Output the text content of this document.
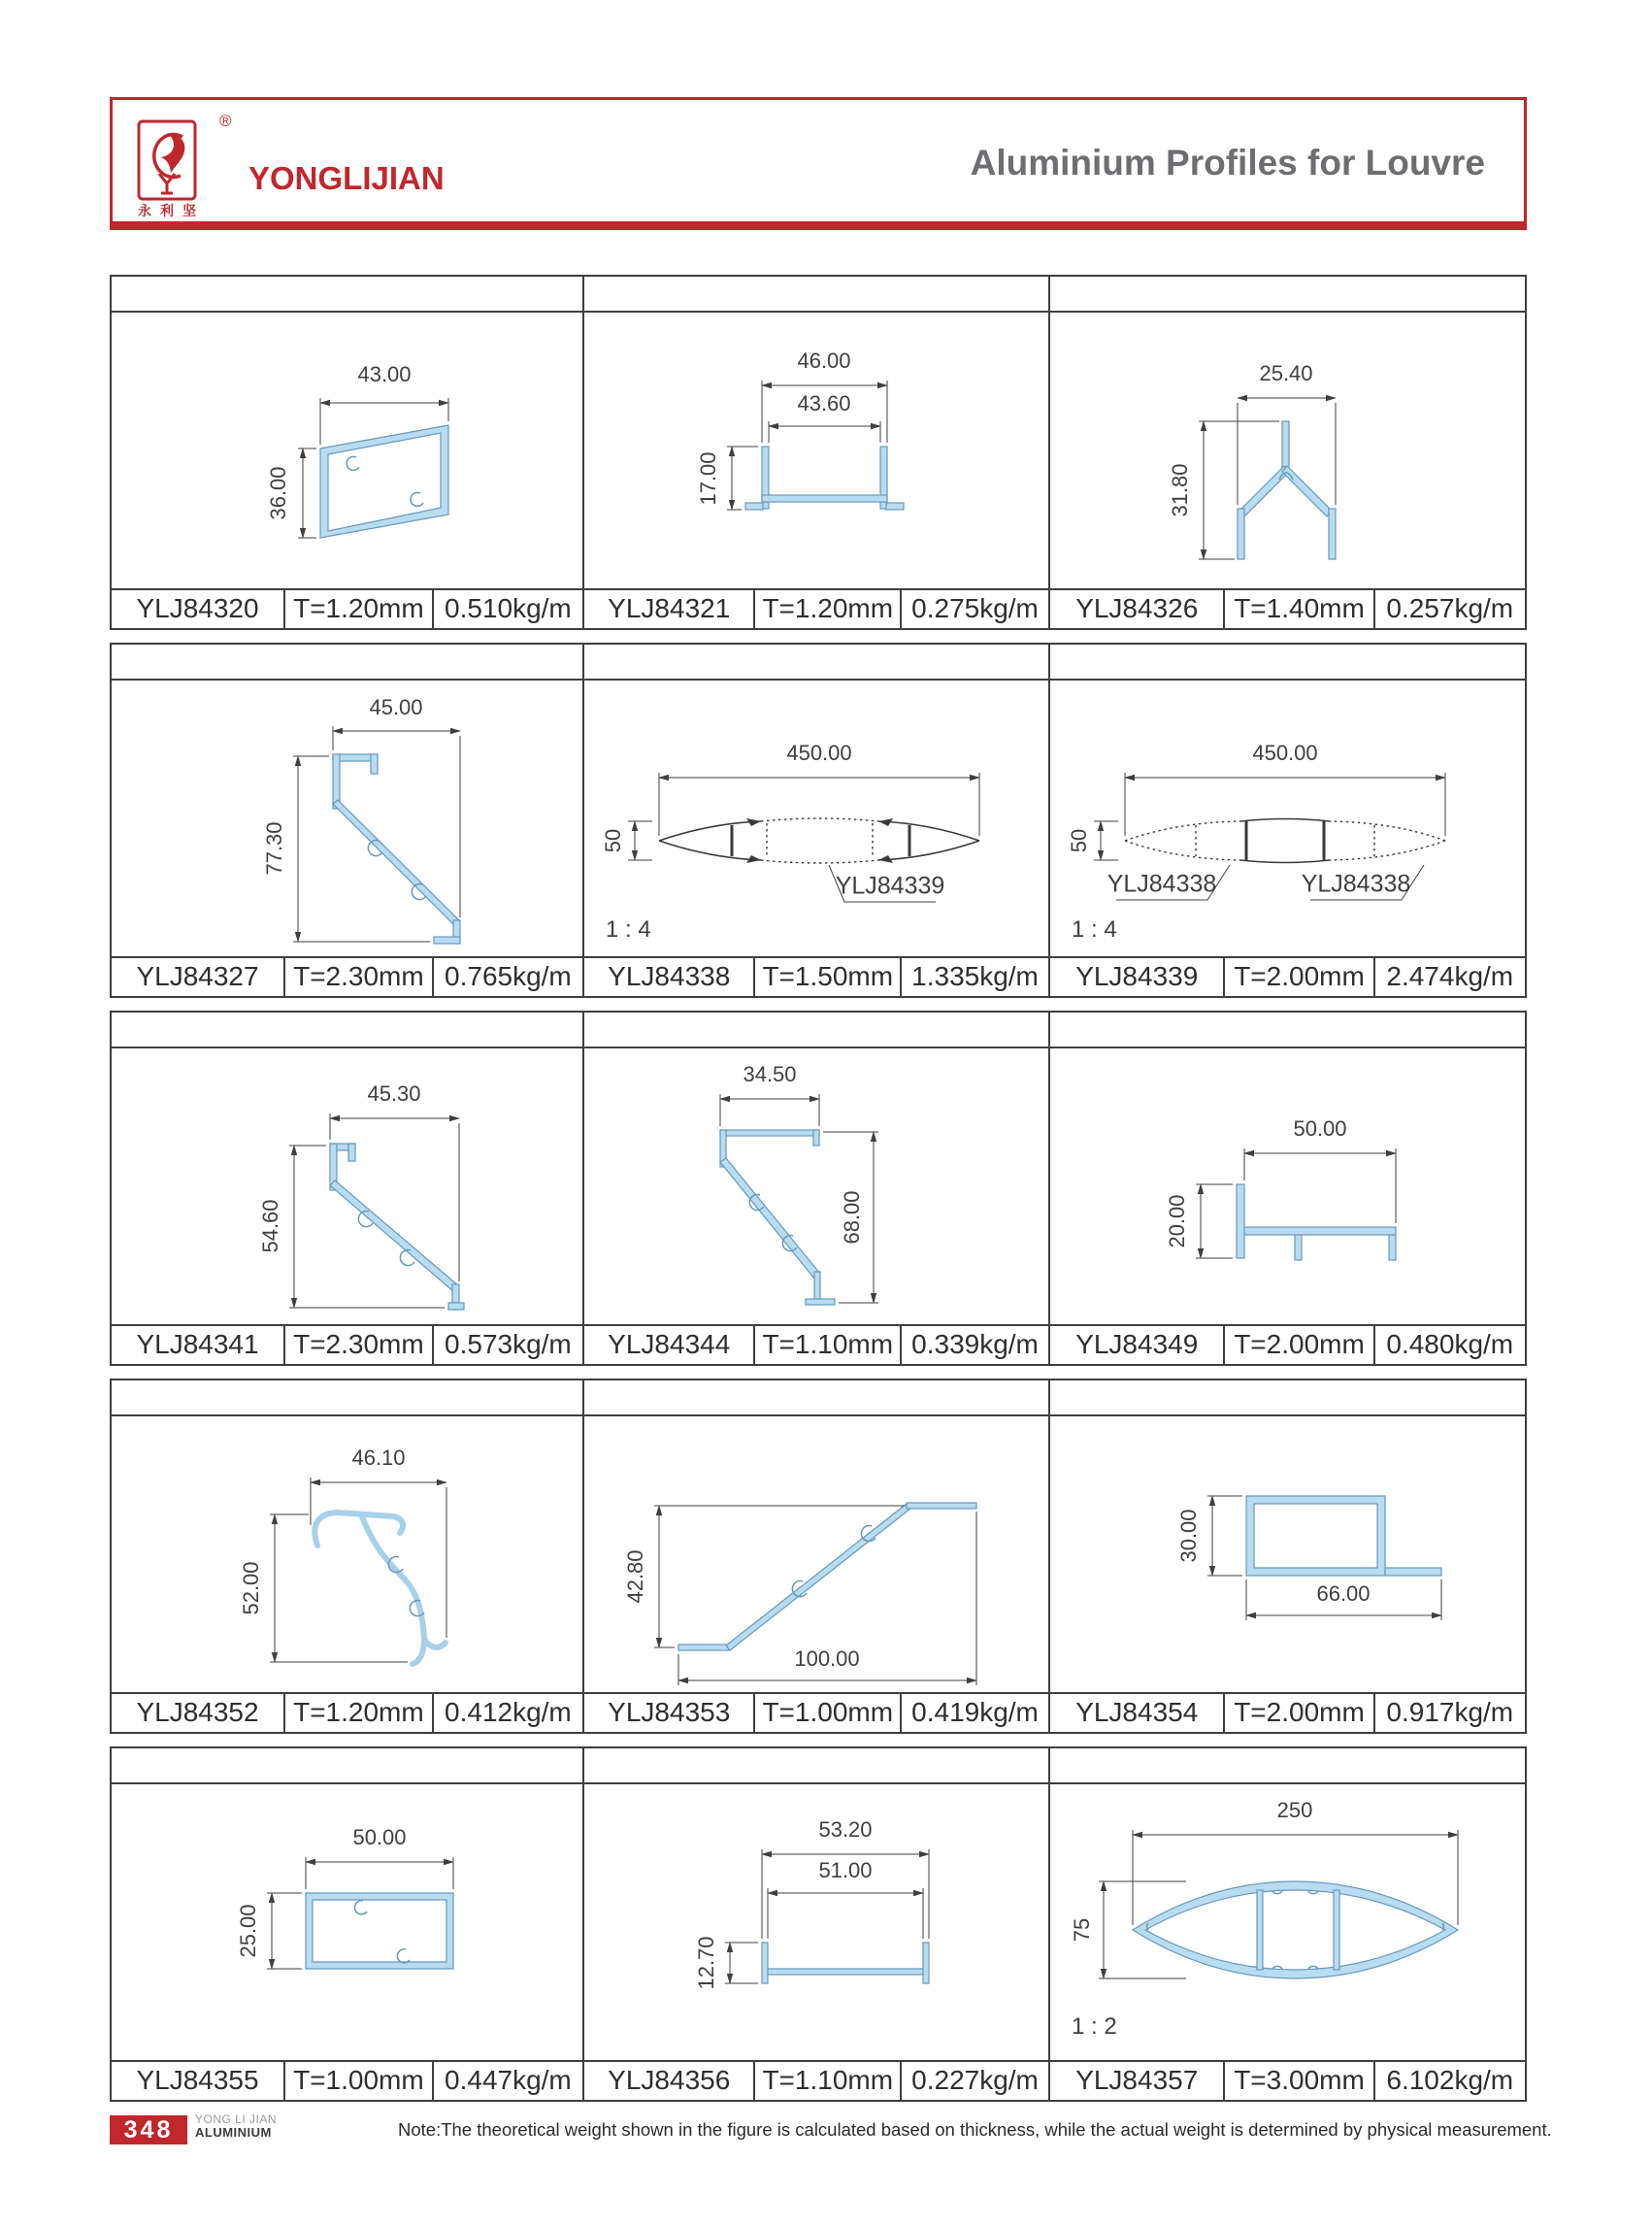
®
永利坚
YONGLIJIAN	Aluminium Profiles for Louvre
43.00
36.00
YLJ84320	T=1.20mm 0.510kg/m
46.00
43.60
17.00
YLJ84321	T=1.20mm 0.275kg/m
25.40
31.80
YLJ84326	T=1.40mm 0.257kg/m
45.00
77.30
YLJ84327	T=2.30mm 0.765kg/m
450.00
50
YLJ84339
1 : 4
YLJ84338	T=1.50mm 1.335kg/m
450.00
50
YLJ84338	YLJ84338
1 : 4
YLJ84339	T=2.00mm 2.474kg/m
45.30
54.60
YLJ84341	T=2.30mm 0.573kg/m
34.50
68.00
YLJ84344	T=1.10mm 0.339kg/m
50.00
20.00
YLJ84349	T=2.00mm 0.480kg/m
46.10
52.00
YLJ84352	T=1.20mm 0.412kg/m
42.80
100.00
YLJ84353	T=1.00mm 0.419kg/m
30.00
66.00
YLJ84354	T=2.00mm 0.917kg/m
50.00
25.00
YLJ84355	T=1.00mm 0.447kg/m
53.20
51.00
12.70
YLJ84356	T=1.10mm 0.227kg/m
250
75
1 : 2
YLJ84357	T=3.00mm 6.102kg/m
348	YONG LI JIAN
ALUMINIUM	Note:The theoretical weight shown in the figure is calculated based on thickness, while the actual weight is determined by physical measurement.
